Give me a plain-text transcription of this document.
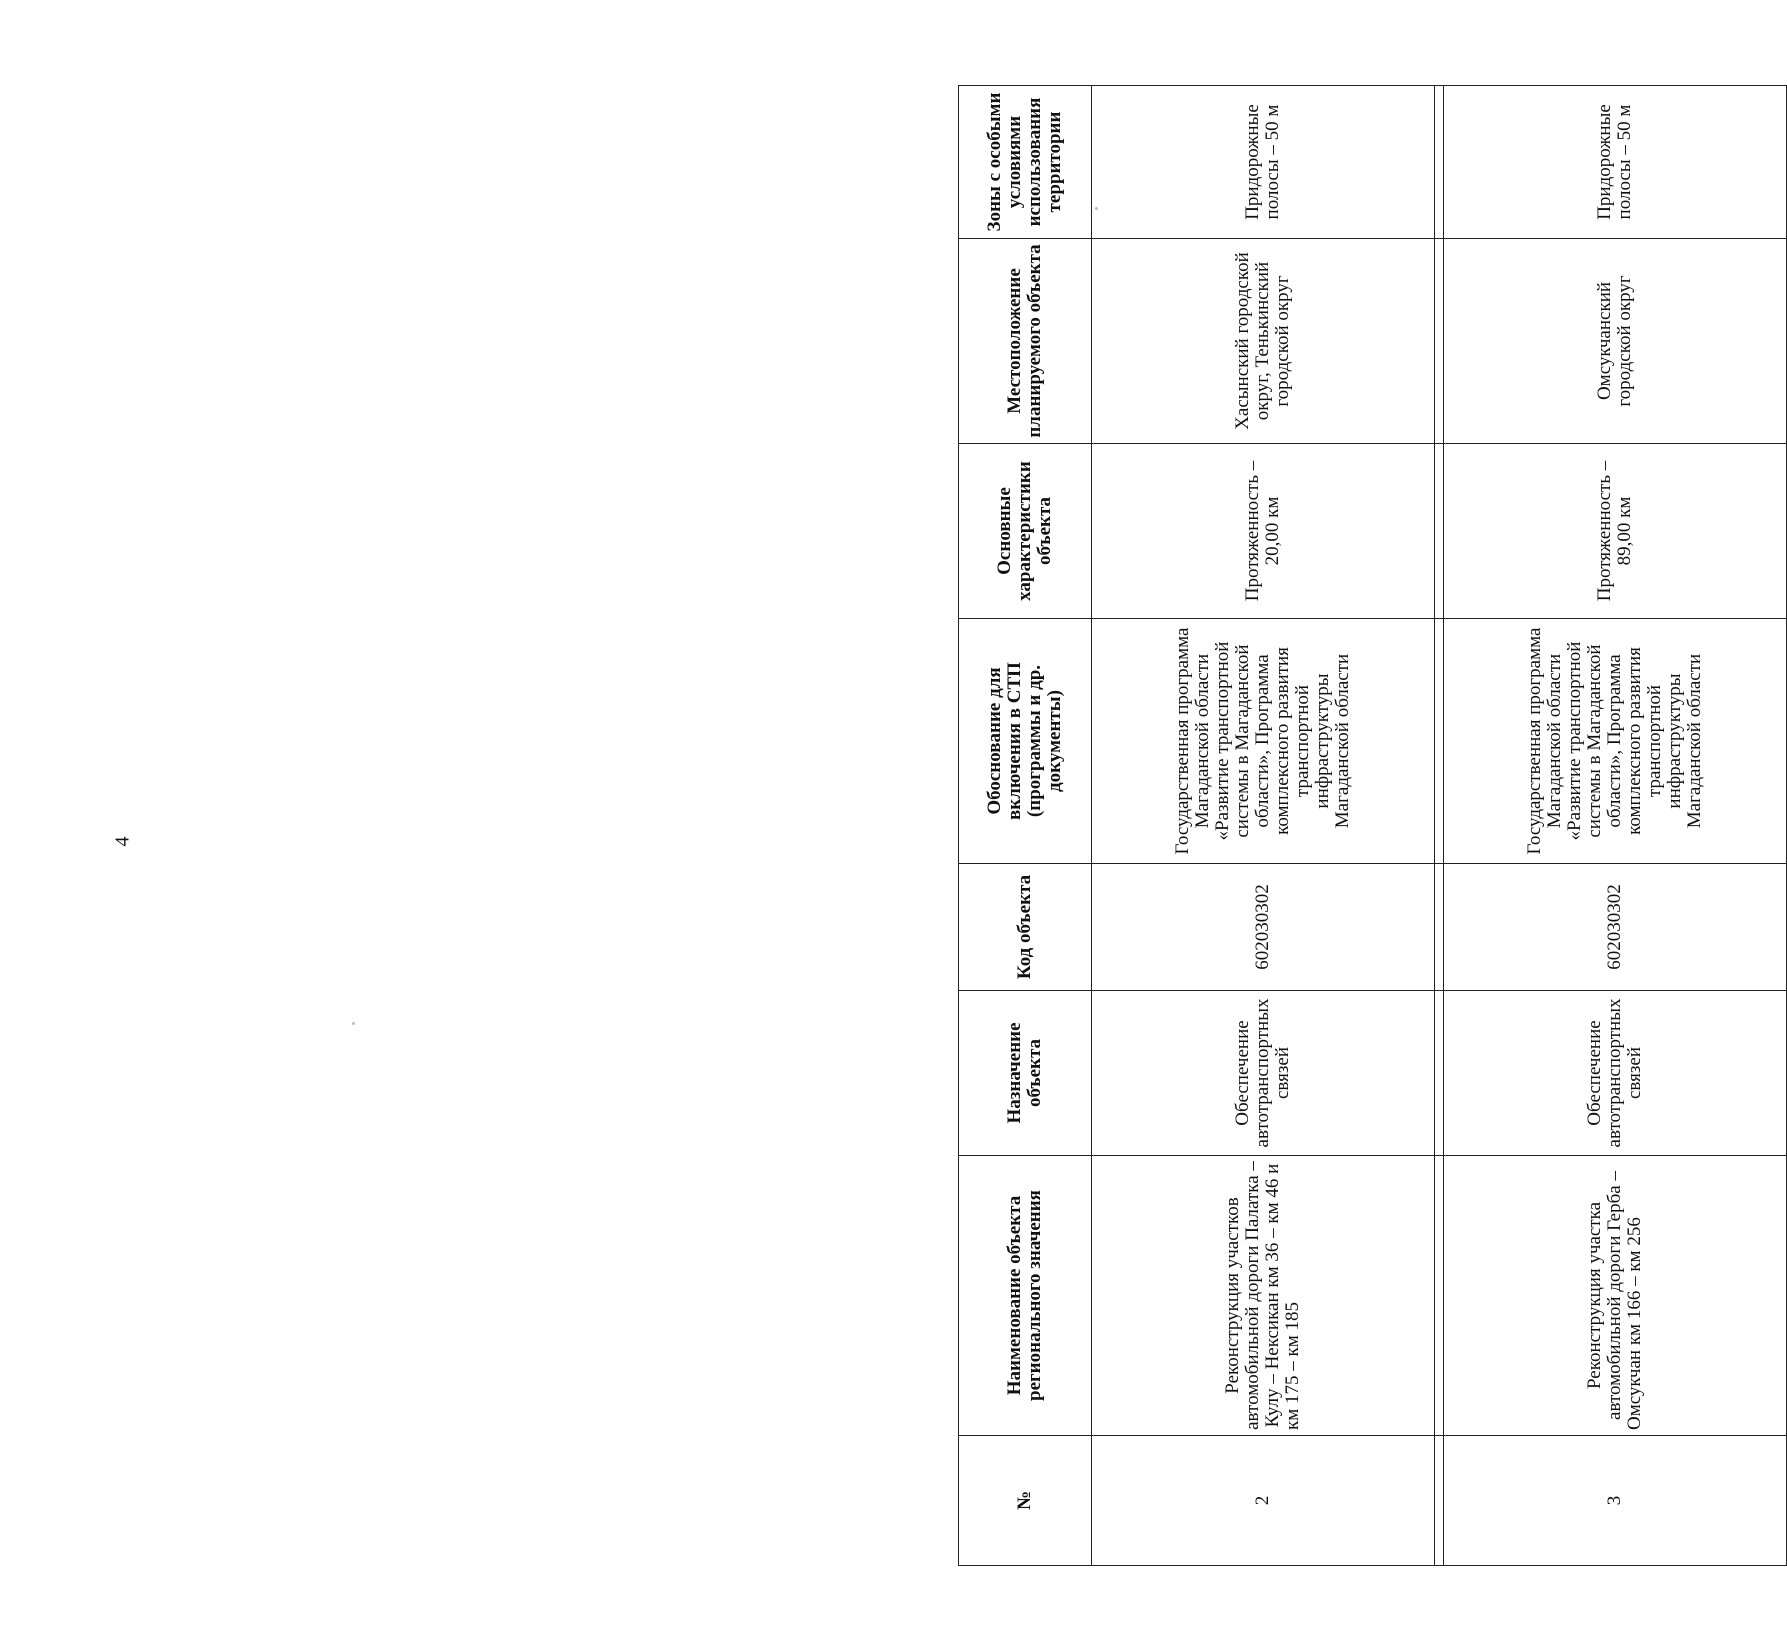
4
№	Наименование объекта регионального значения	Назначение объекта	Код объекта	Обоснование для включения в СТП (программы и др. документы)	Основные характеристики объекта	Местоположение планируемого объекта	Зоны с особыми условиями использования территории
2	Реконструкция участков автомобильной дороги Палатка – Кулу – Нексикан км 36 – км 46 и км 175 – км 185	Обеспечение автотранспортных связей	602030302	Государственная программа Магаданской области «Развитие транспортной системы в Магаданской области», Программа комплексного развития транспортной инфраструктуры Магаданской области	Протяженность – 20,00 км	Хасынский городской округ, Тенькинский городской округ	Придорожные полосы – 50 м

3	Реконструкция участка автомобильной дороги Герба – Омсукчан км 166 – км 256	Обеспечение автотранспортных связей	602030302	Государственная программа Магаданской области «Развитие транспортной системы в Магаданской области», Программа комплексного развития транспортной инфраструктуры Магаданской области	Протяженность – 89,00 км	Омсукчанский городской округ	Придорожные полосы – 50 м
